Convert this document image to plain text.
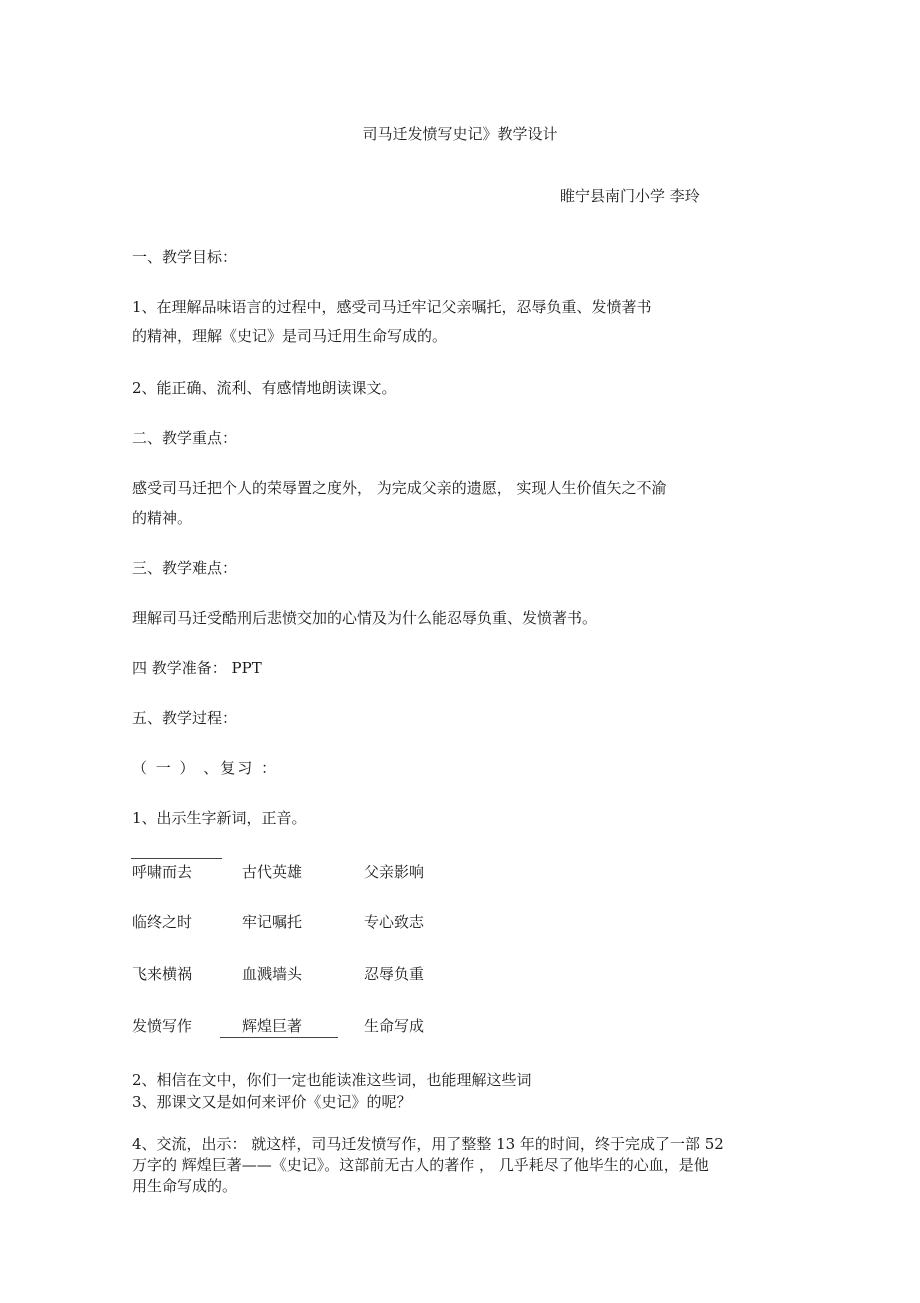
司马迁发愤写史记》教学设计

睢宁县南门小学 李玲

一、教学目标：

1、在理解品味语言的过程中，感受司马迁牢记父亲嘱托，忍辱负重、发愤著书

的精神，理解《史记》是司马迁用生命写成的。

2、能正确、流利、有感情地朗读课文。

二、教学重点：

感受司马迁把个人的荣辱置之度外， 为完成父亲的遗愿， 实现人生价值矢之不渝

的精神。

三、教学难点：

理解司马迁受酷刑后悲愤交加的心情及为什么能忍辱负重、发愤著书。

四 教学准备： PPT

五、教学过程：

（ 一 ） 、复习 ：

1、出示生字新词，正音。

呼啸而去	古代英雄	父亲影响
临终之时	牢记嘱托	专心致志
飞来横祸	血溅墙头	忍辱负重
发愤写作	辉煌巨著	生命写成

2、相信在文中，你们一定也能读准这些词，也能理解这些词

3、那课文又是如何来评价《史记》的呢？

4、交流，出示： 就这样，司马迁发愤写作，用了整整 13 年的时间，终于完成了一部 52

万字的 辉煌巨著——《史记》。这部前无古人的著作 ， 几乎耗尽了他毕生的心血，是他

用生命写成的。
